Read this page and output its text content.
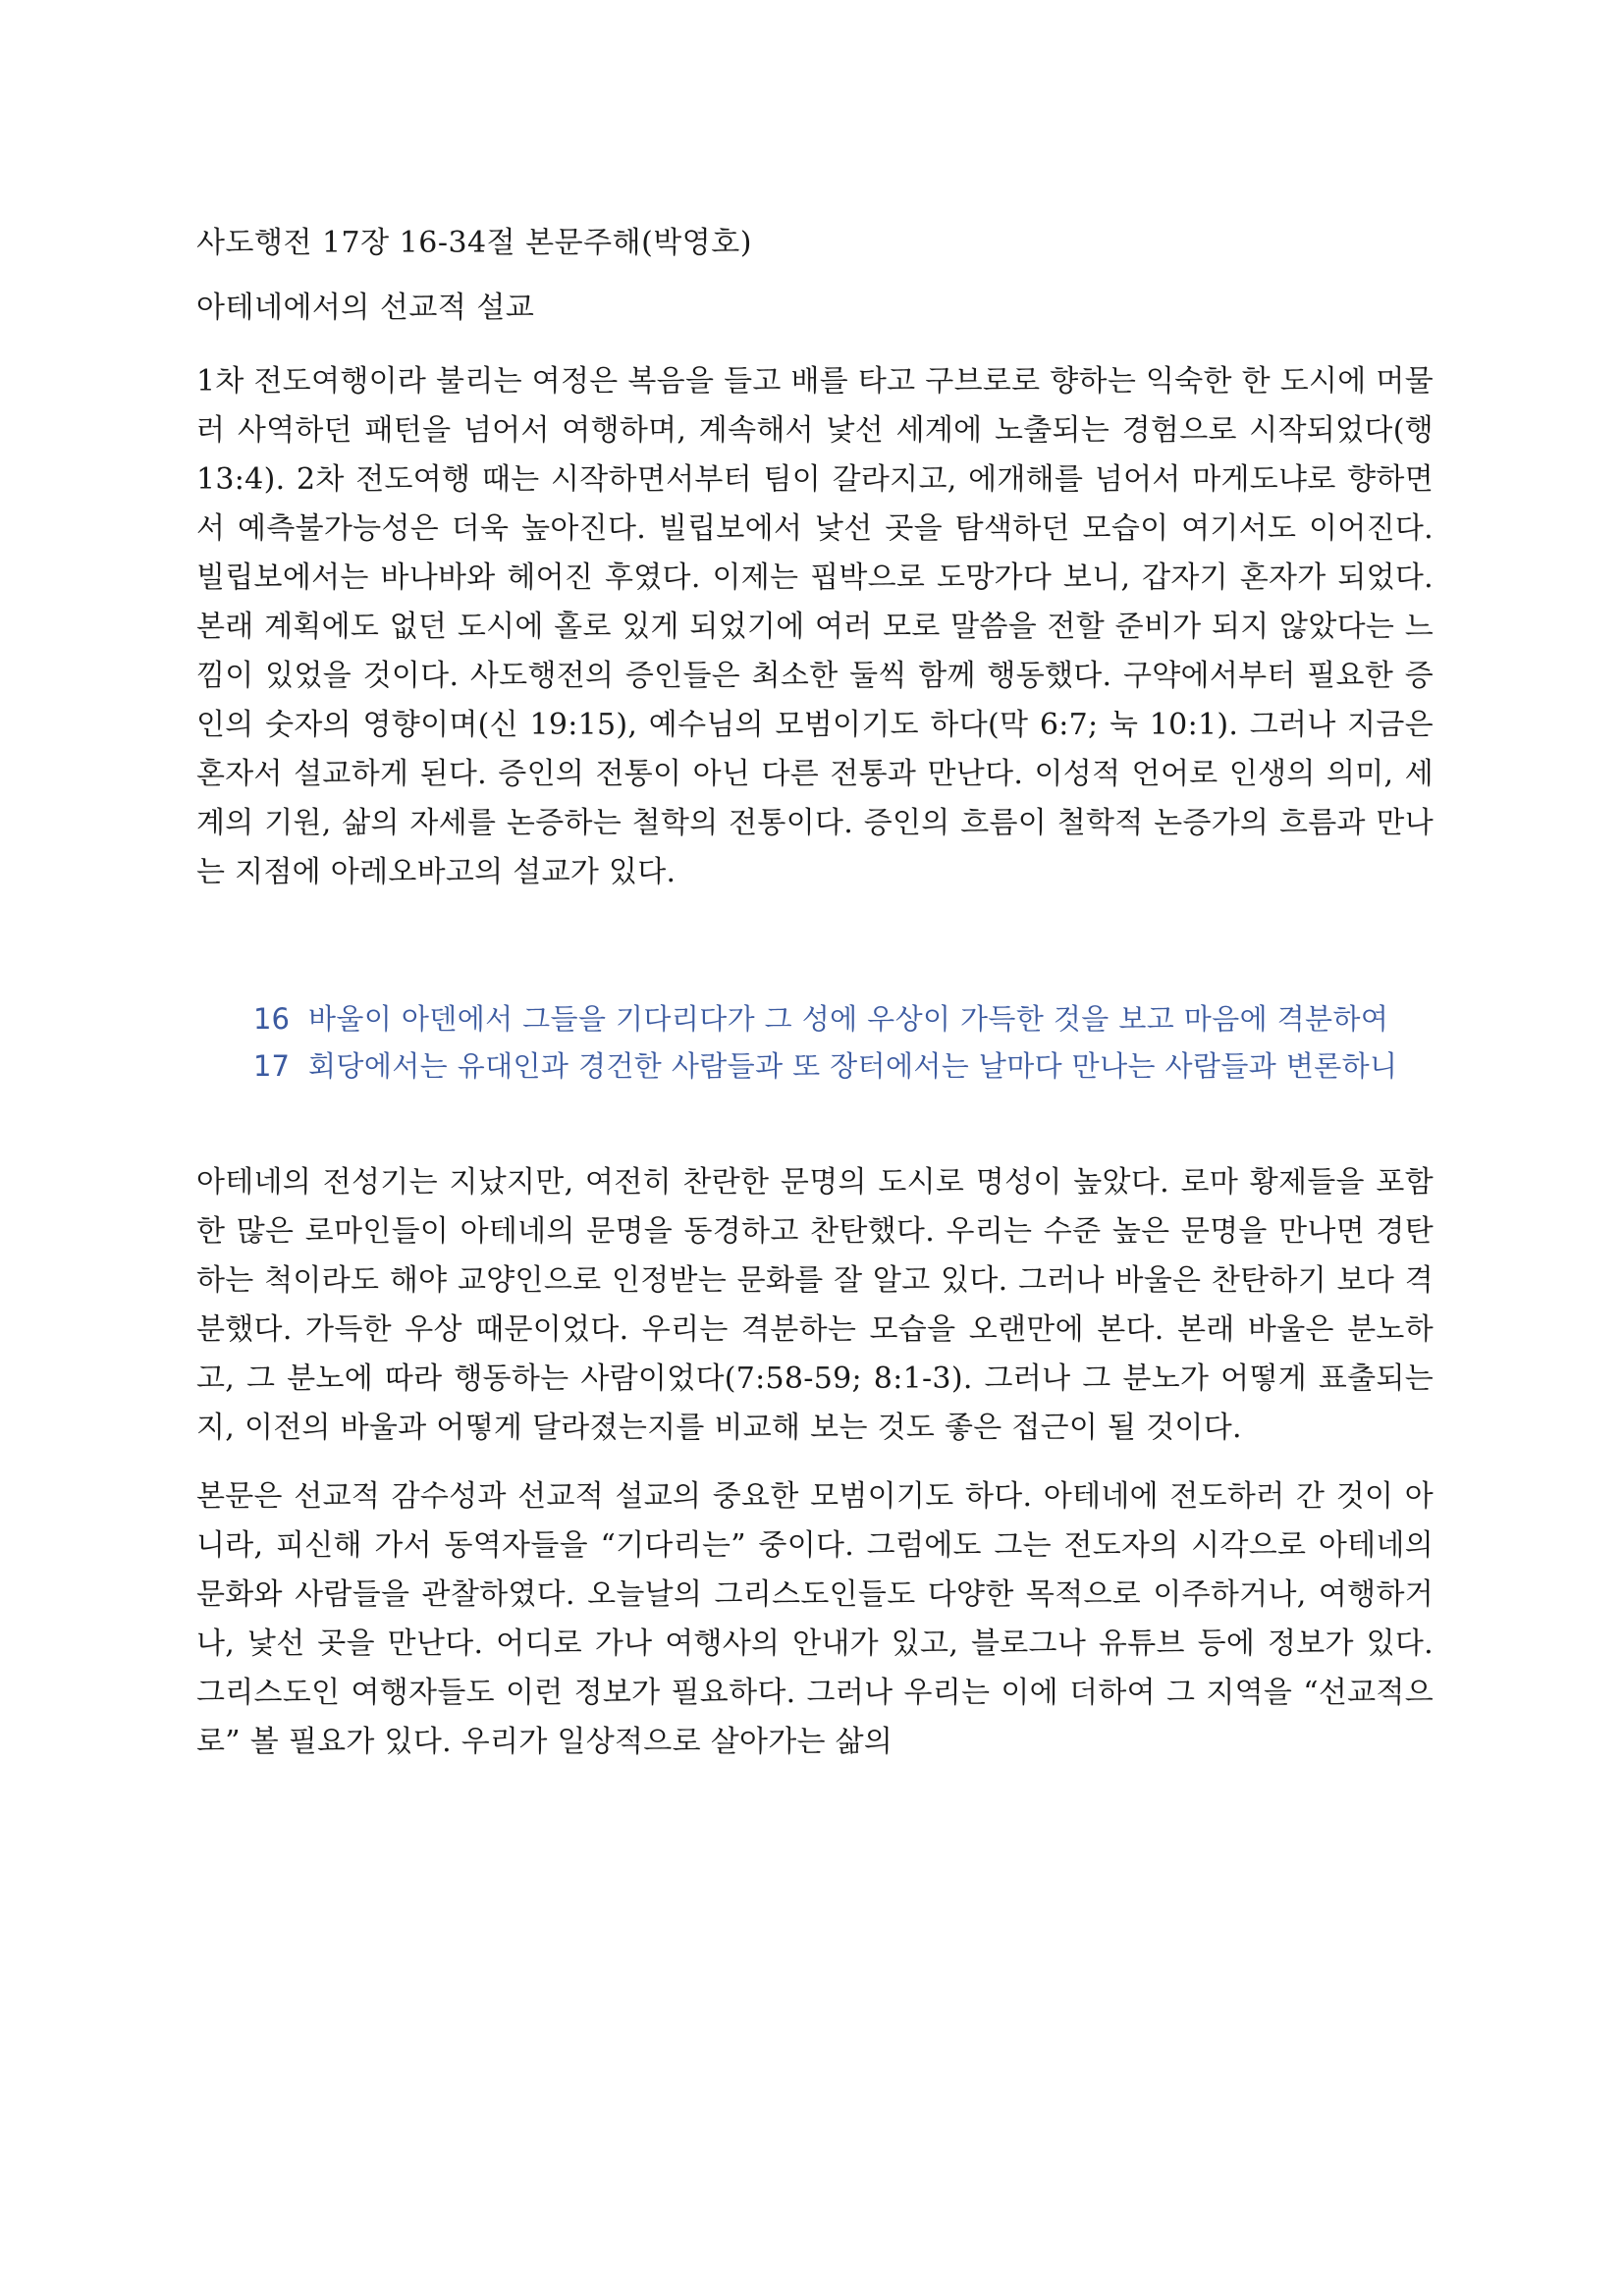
사도행전 17장 16-34절 본문주해(박영호)

아테네에서의 선교적 설교

1차 전도여행이라 불리는 여정은 복음을 들고 배를 타고 구브로로 향하는 익숙한 한 도시에 머물러 사역하던 패턴을 넘어서 여행하며, 계속해서 낯선 세계에 노출되는 경험으로 시작되었다(행 13:4). 2차 전도여행 때는 시작하면서부터 팀이 갈라지고, 에개해를 넘어서 마게도냐로 향하면서 예측불가능성은 더욱 높아진다. 빌립보에서 낯선 곳을 탐색하던 모습이 여기서도 이어진다. 빌립보에서는 바나바와 헤어진 후였다. 이제는 핍박으로 도망가다 보니, 갑자기 혼자가 되었다. 본래 계획에도 없던 도시에 홀로 있게 되었기에 여러 모로 말씀을 전할 준비가 되지 않았다는 느낌이 있었을 것이다. 사도행전의 증인들은 최소한 둘씩 함께 행동했다. 구약에서부터 필요한 증인의 숫자의 영향이며(신 19:15), 예수님의 모범이기도 하다(막 6:7; 눅 10:1). 그러나 지금은 혼자서 설교하게 된다. 증인의 전통이 아닌 다른 전통과 만난다. 이성적 언어로 인생의 의미, 세계의 기원, 삶의 자세를 논증하는 철학의 전통이다. 증인의 흐름이 철학적 논증가의 흐름과 만나는 지점에 아레오바고의 설교가 있다.

16 바울이 아덴에서 그들을 기다리다가 그 성에 우상이 가득한 것을 보고 마음에 격분하여
17 회당에서는 유대인과 경건한 사람들과 또 장터에서는 날마다 만나는 사람들과 변론하니

아테네의 전성기는 지났지만, 여전히 찬란한 문명의 도시로 명성이 높았다. 로마 황제들을 포함한 많은 로마인들이 아테네의 문명을 동경하고 찬탄했다. 우리는 수준 높은 문명을 만나면 경탄하는 척이라도 해야 교양인으로 인정받는 문화를 잘 알고 있다. 그러나 바울은 찬탄하기 보다 격분했다. 가득한 우상 때문이었다. 우리는 격분하는 모습을 오랜만에 본다. 본래 바울은 분노하고, 그 분노에 따라 행동하는 사람이었다(7:58-59; 8:1-3). 그러나 그 분노가 어떻게 표출되는지, 이전의 바울과 어떻게 달라졌는지를 비교해 보는 것도 좋은 접근이 될 것이다.

본문은 선교적 감수성과 선교적 설교의 중요한 모범이기도 하다. 아테네에 전도하러 간 것이 아니라, 피신해 가서 동역자들을 “기다리는” 중이다. 그럼에도 그는 전도자의 시각으로 아테네의 문화와 사람들을 관찰하였다. 오늘날의 그리스도인들도 다양한 목적으로 이주하거나, 여행하거나, 낯선 곳을 만난다. 어디로 가나 여행사의 안내가 있고, 블로그나 유튜브 등에 정보가 있다. 그리스도인 여행자들도 이런 정보가 필요하다. 그러나 우리는 이에 더하여 그 지역을 “선교적으로” 볼 필요가 있다. 우리가 일상적으로 살아가는 삶의
